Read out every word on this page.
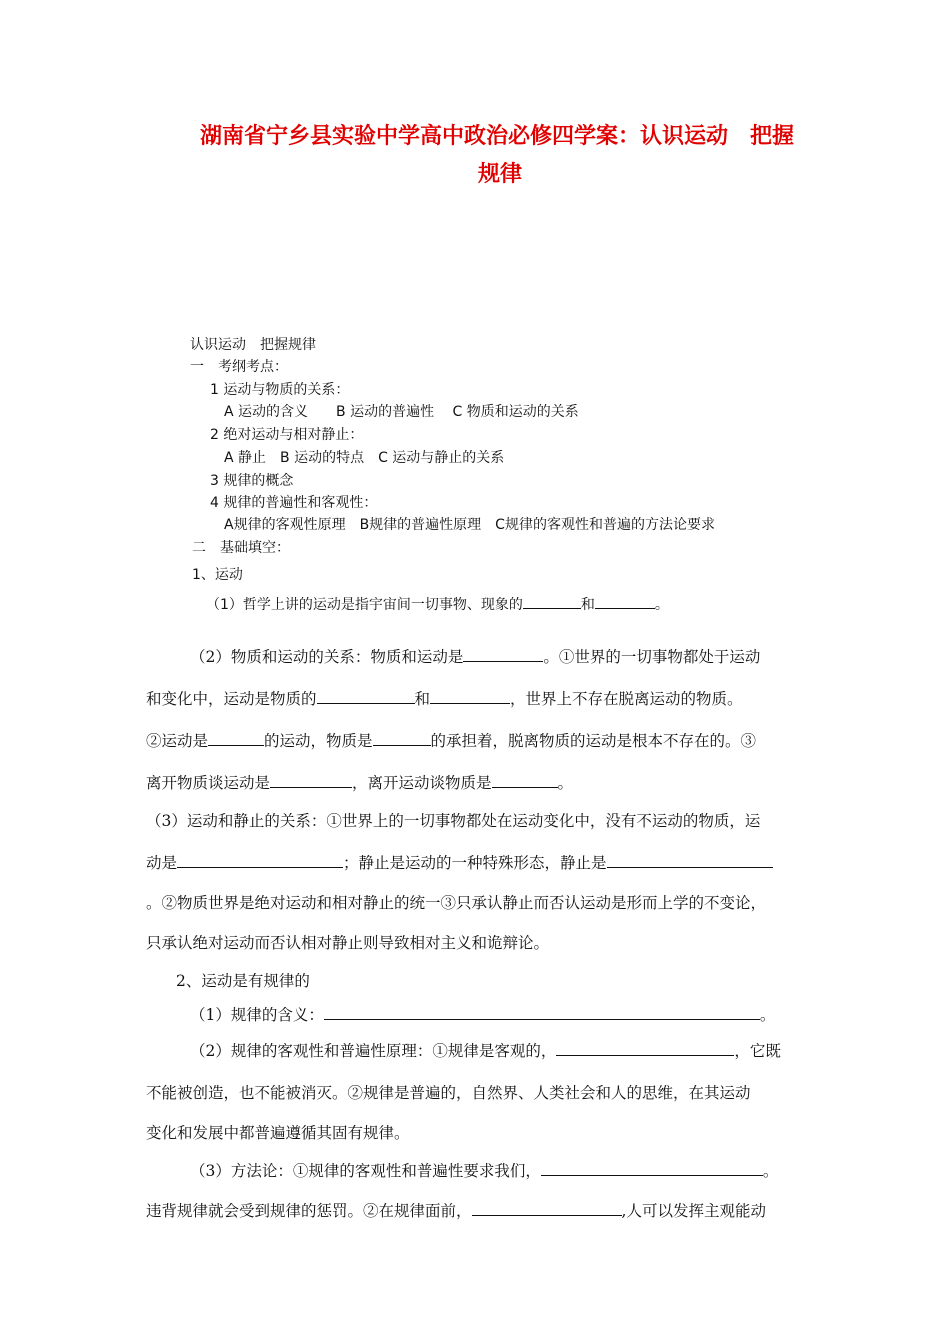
湖南省宁乡县实验中学高中政治必修四学案：认识运动　把握
规律
认识运动　把握规律
一　考纲考点：
1 运动与物质的关系：
A 运动的含义　　B 运动的普遍性　 C 物质和运动的关系
2 绝对运动与相对静止：
A 静止　B 运动的特点　C 运动与静止的关系
3 规律的概念
4 规律的普遍性和客观性：
A规律的客观性原理　B规律的普遍性原理　C规律的客观性和普遍的方法论要求
二　基础填空：
1、运动
（1）哲学上讲的运动是指宇宙间一切事物、现象的	和	。
（2）物质和运动的关系：物质和运动是	。①世界的一切事物都处于运动
和变化中，运动是物质的	和	，世界上不存在脱离运动的物质。
②运动是	的运动，物质是	的承担着，脱离物质的运动是根本不存在的。③
离开物质谈运动是	，离开运动谈物质是	。
（3）运动和静止的关系：①世界上的一切事物都处在运动变化中，没有不运动的物质，运
动是	；静止是运动的一种特殊形态，静止是
。②物质世界是绝对运动和相对静止的统一③只承认静止而否认运动是形而上学的不变论，
只承认绝对运动而否认相对静止则导致相对主义和诡辩论。
2、运动是有规律的
（1）规律的含义：	。
（2）规律的客观性和普遍性原理：①规律是客观的，	，它既
不能被创造，也不能被消灭。②规律是普遍的，自然界、人类社会和人的思维，在其运动
变化和发展中都普遍遵循其固有规律。
（3）方法论：①规律的客观性和普遍性要求我们，	。
违背规律就会受到规律的惩罚。②在规律面前，	,人可以发挥主观能动
